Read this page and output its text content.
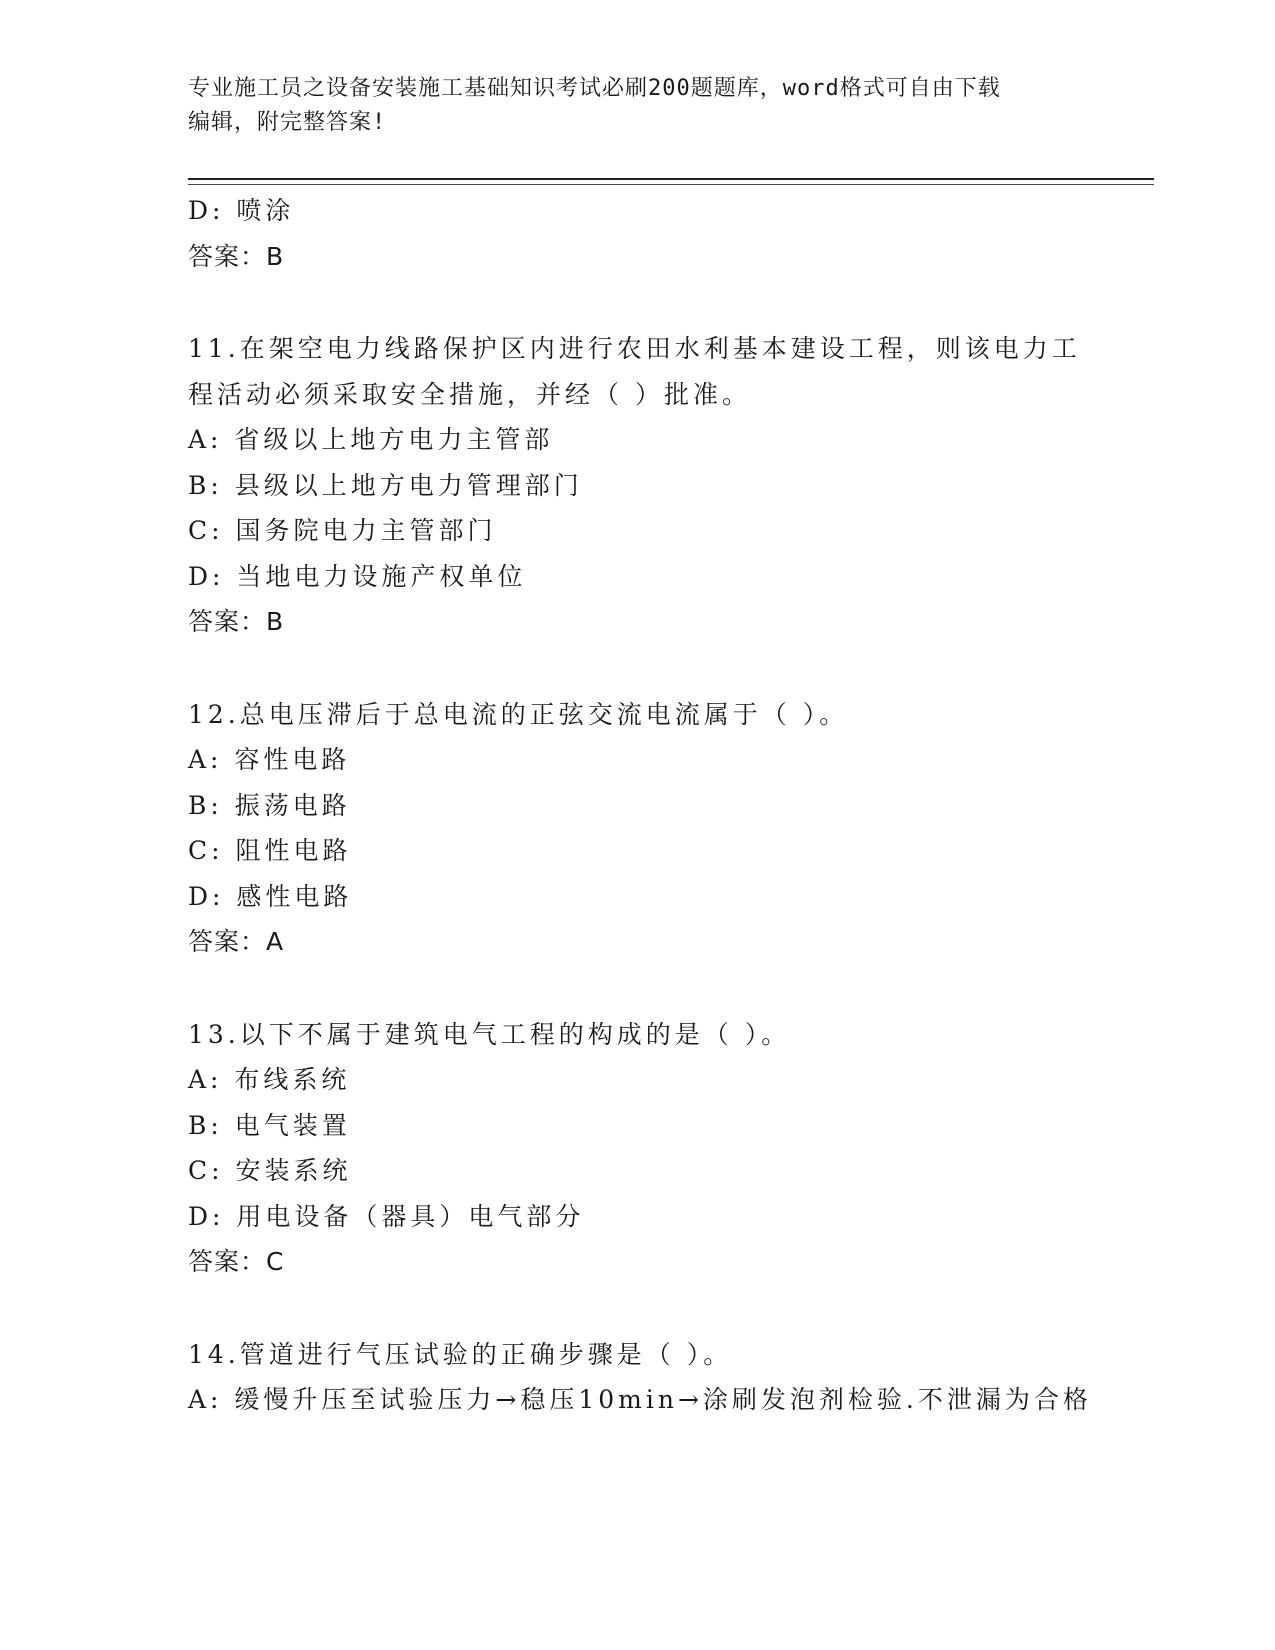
专业施工员之设备安装施工基础知识考试必刷200题题库，word格式可自由下载
编辑，附完整答案!
D: 喷涂
答案：B
11.在架空电力线路保护区内进行农田水利基本建设工程，则该电力工
程活动必须采取安全措施，并经（ ）批准。
A: 省级以上地方电力主管部
B: 县级以上地方电力管理部门
C: 国务院电力主管部门
D: 当地电力设施产权单位
答案：B
12.总电压滞后于总电流的正弦交流电流属于（ ）。
A: 容性电路
B: 振荡电路
C: 阻性电路
D: 感性电路
答案：A
13.以下不属于建筑电气工程的构成的是（ ）。
A: 布线系统
B: 电气装置
C: 安装系统
D: 用电设备（器具）电气部分
答案：C
14.管道进行气压试验的正确步骤是（ ）。
A: 缓慢升压至试验压力→稳压10min→涂刷发泡剂检验.不泄漏为合格
